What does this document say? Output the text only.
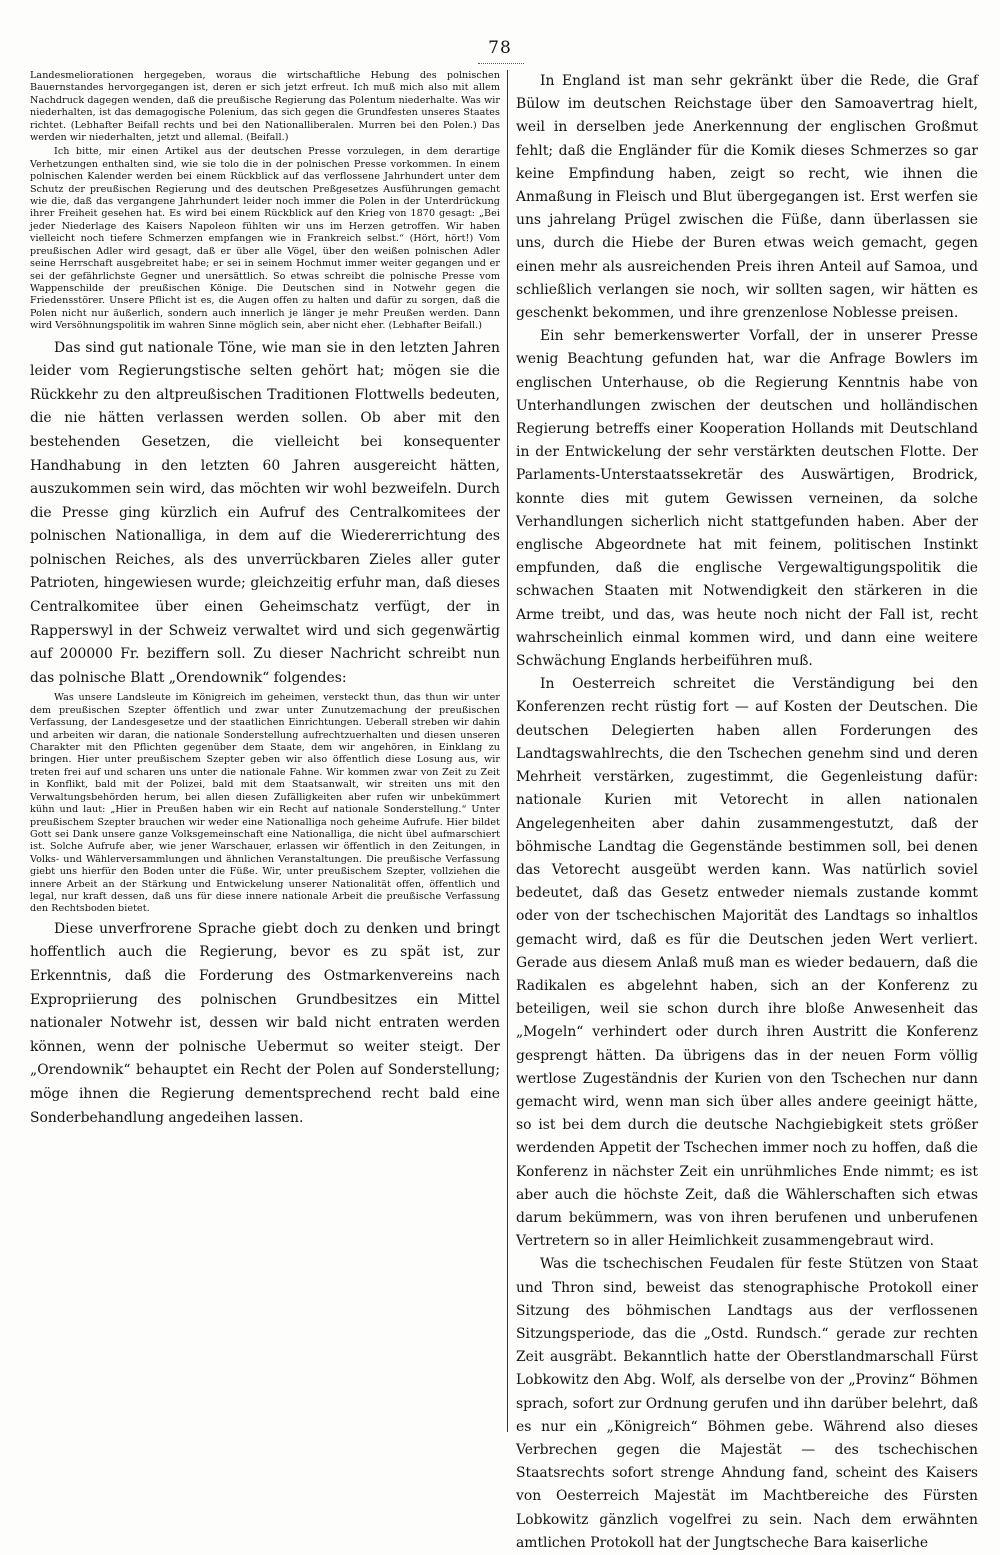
78

Landesmeliorationen hergegeben, woraus die wirtschaftliche Hebung des polnischen Bauernstandes hervorgegangen ist, deren er sich jetzt erfreut. Ich muß mich also mit allem Nachdruck dagegen wenden, daß die preußische Regierung das Polentum niederhalte. Was wir niederhalten, ist das demagogische Polenium, das sich gegen die Grundfesten unseres Staates richtet. (Lebhafter Beifall rechts und bei den Nationalliberalen. Murren bei den Polen.) Das werden wir niederhalten, jetzt und allemal. (Beifall.)

Ich bitte, mir einen Artikel aus der deutschen Presse vorzulegen, in dem derartige Verhetzungen enthalten sind, wie sie tolo die in der polnischen Presse vorkommen. In einem polnischen Kalender werden bei einem Rückblick auf das verflossene Jahrhundert unter dem Schutz der preußischen Regierung und des deutschen Preßgesetzes Ausführungen gemacht wie die, daß das vergangene Jahrhundert leider noch immer die Polen in der Unterdrückung ihrer Freiheit gesehen hat. Es wird bei einem Rückblick auf den Krieg von 1870 gesagt: „Bei jeder Niederlage des Kaisers Napoleon fühlten wir uns im Herzen getroffen. Wir haben vielleicht noch tiefere Schmerzen empfangen wie in Frankreich selbst.“ (Hört, hört!) Vom preußischen Adler wird gesagt, daß er über alle Vögel, über den weißen polnischen Adler seine Herrschaft ausgebreitet habe; er sei in seinem Hochmut immer weiter gegangen und er sei der gefährlichste Gegner und unersättlich. So etwas schreibt die polnische Presse vom Wappenschilde der preußischen Könige. Die Deutschen sind in Notwehr gegen die Friedensstörer. Unsere Pflicht ist es, die Augen offen zu halten und dafür zu sorgen, daß die Polen nicht nur äußerlich, sondern auch innerlich je länger je mehr Preußen werden. Dann wird Versöhnungspolitik im wahren Sinne möglich sein, aber nicht eher. (Lebhafter Beifall.)

Das sind gut nationale Töne, wie man sie in den letzten Jahren leider vom Regierungstische selten gehört hat; mögen sie die Rückkehr zu den altpreußischen Traditionen Flottwells bedeuten, die nie hätten verlassen werden sollen. Ob aber mit den bestehenden Gesetzen, die vielleicht bei konsequenter Handhabung in den letzten 60 Jahren ausgereicht hätten, auszukommen sein wird, das möchten wir wohl bezweifeln. Durch die Presse ging kürzlich ein Aufruf des Centralkomitees der polnischen Nationalliga, in dem auf die Wiedererrichtung des polnischen Reiches, als des unverrückbaren Zieles aller guter Patrioten, hingewiesen wurde; gleichzeitig erfuhr man, daß dieses Centralkomitee über einen Geheimschatz verfügt, der in Rapperswyl in der Schweiz verwaltet wird und sich gegenwärtig auf 200000 Fr. beziffern soll. Zu dieser Nachricht schreibt nun das polnische Blatt „Orendownik“ folgendes:

Was unsere Landsleute im Königreich im geheimen, versteckt thun, das thun wir unter dem preußischen Szepter öffentlich und zwar unter Zunutzemachung der preußischen Verfassung, der Landesgesetze und der staatlichen Einrichtungen. Ueberall streben wir dahin und arbeiten wir daran, die nationale Sonderstellung aufrechtzuerhalten und diesen unseren Charakter mit den Pflichten gegenüber dem Staate, dem wir angehören, in Einklang zu bringen. Hier unter preußischem Szepter geben wir also öffentlich diese Losung aus, wir treten frei auf und scharen uns unter die nationale Fahne. Wir kommen zwar von Zeit zu Zeit in Konflikt, bald mit der Polizei, bald mit dem Staatsanwalt, wir streiten uns mit den Verwaltungsbehörden herum, bei allen diesen Zufälligkeiten aber rufen wir unbekümmert kühn und laut: „Hier in Preußen haben wir ein Recht auf nationale Sonderstellung.“ Unter preußischem Szepter brauchen wir weder eine Nationalliga noch geheime Aufrufe. Hier bildet Gott sei Dank unsere ganze Volksgemeinschaft eine Nationalliga, die nicht übel aufmarschiert ist. Solche Aufrufe aber, wie jener Warschauer, erlassen wir öffentlich in den Zeitungen, in Volks- und Wählerversammlungen und ähnlichen Veranstaltungen. Die preußische Verfassung giebt uns hierfür den Boden unter die Füße. Wir, unter preußischem Szepter, vollziehen die innere Arbeit an der Stärkung und Entwickelung unserer Nationalität offen, öffentlich und legal, nur kraft dessen, daß uns für diese innere nationale Arbeit die preußische Verfassung den Rechtsboden bietet.

Diese unverfrorene Sprache giebt doch zu denken und bringt hoffentlich auch die Regierung, bevor es zu spät ist, zur Erkenntnis, daß die Forderung des Ostmarkenvereins nach Expropriierung des polnischen Grundbesitzes ein Mittel nationaler Notwehr ist, dessen wir bald nicht entraten werden können, wenn der polnische Uebermut so weiter steigt. Der „Orendownik“ behauptet ein Recht der Polen auf Sonderstellung; möge ihnen die Regierung dementsprechend recht bald eine Sonderbehandlung angedeihen lassen.

In England ist man sehr gekränkt über die Rede, die Graf Bülow im deutschen Reichstage über den Samoavertrag hielt, weil in derselben jede Anerkennung der englischen Großmut fehlt; daß die Engländer für die Komik dieses Schmerzes so gar keine Empfindung haben, zeigt so recht, wie ihnen die Anmaßung in Fleisch und Blut übergegangen ist. Erst werfen sie uns jahrelang Prügel zwischen die Füße, dann überlassen sie uns, durch die Hiebe der Buren etwas weich gemacht, gegen einen mehr als ausreichenden Preis ihren Anteil auf Samoa, und schließlich verlangen sie noch, wir sollten sagen, wir hätten es geschenkt bekommen, und ihre grenzenlose Noblesse preisen.

Ein sehr bemerkenswerter Vorfall, der in unserer Presse wenig Beachtung gefunden hat, war die Anfrage Bowlers im englischen Unterhause, ob die Regierung Kenntnis habe von Unterhandlungen zwischen der deutschen und holländischen Regierung betreffs einer Kooperation Hollands mit Deutschland in der Entwickelung der sehr verstärkten deutschen Flotte. Der Parlaments-Unterstaatssekretär des Auswärtigen, Brodrick, konnte dies mit gutem Gewissen verneinen, da solche Verhandlungen sicherlich nicht stattgefunden haben. Aber der englische Abgeordnete hat mit feinem, politischen Instinkt empfunden, daß die englische Vergewaltigungspolitik die schwachen Staaten mit Notwendigkeit den stärkeren in die Arme treibt, und das, was heute noch nicht der Fall ist, recht wahrscheinlich einmal kommen wird, und dann eine weitere Schwächung Englands herbeiführen muß.

In Oesterreich schreitet die Verständigung bei den Konferenzen recht rüstig fort — auf Kosten der Deutschen. Die deutschen Delegierten haben allen Forderungen des Landtagswahlrechts, die den Tschechen genehm sind und deren Mehrheit verstärken, zugestimmt, die Gegenleistung dafür: nationale Kurien mit Vetorecht in allen nationalen Angelegenheiten aber dahin zusammengestutzt, daß der böhmische Landtag die Gegenstände bestimmen soll, bei denen das Vetorecht ausgeübt werden kann. Was natürlich soviel bedeutet, daß das Gesetz entweder niemals zustande kommt oder von der tschechischen Majorität des Landtags so inhaltlos gemacht wird, daß es für die Deutschen jeden Wert verliert. Gerade aus diesem Anlaß muß man es wieder bedauern, daß die Radikalen es abgelehnt haben, sich an der Konferenz zu beteiligen, weil sie schon durch ihre bloße Anwesenheit das „Mogeln“ verhindert oder durch ihren Austritt die Konferenz gesprengt hätten. Da übrigens das in der neuen Form völlig wertlose Zugeständnis der Kurien von den Tschechen nur dann gemacht wird, wenn man sich über alles andere geeinigt hätte, so ist bei dem durch die deutsche Nachgiebigkeit stets größer werdenden Appetit der Tschechen immer noch zu hoffen, daß die Konferenz in nächster Zeit ein unrühmliches Ende nimmt; es ist aber auch die höchste Zeit, daß die Wählerschaften sich etwas darum bekümmern, was von ihren berufenen und unberufenen Vertretern so in aller Heimlichkeit zusammengebraut wird.

Was die tschechischen Feudalen für feste Stützen von Staat und Thron sind, beweist das stenographische Protokoll einer Sitzung des böhmischen Landtags aus der verflossenen Sitzungsperiode, das die „Ostd. Rundsch.“ gerade zur rechten Zeit ausgräbt. Bekanntlich hatte der Oberstlandmarschall Fürst Lobkowitz den Abg. Wolf, als derselbe von der „Provinz“ Böhmen sprach, sofort zur Ordnung gerufen und ihn darüber belehrt, daß es nur ein „Königreich“ Böhmen gebe. Während also dieses Verbrechen gegen die Majestät — des tschechischen Staatsrechts sofort strenge Ahndung fand, scheint des Kaisers von Oesterreich Majestät im Machtbereiche des Fürsten Lobkowitz gänzlich vogelfrei zu sein. Nach dem erwähnten amtlichen Protokoll hat der Jungtscheche Bara kaiserliche
